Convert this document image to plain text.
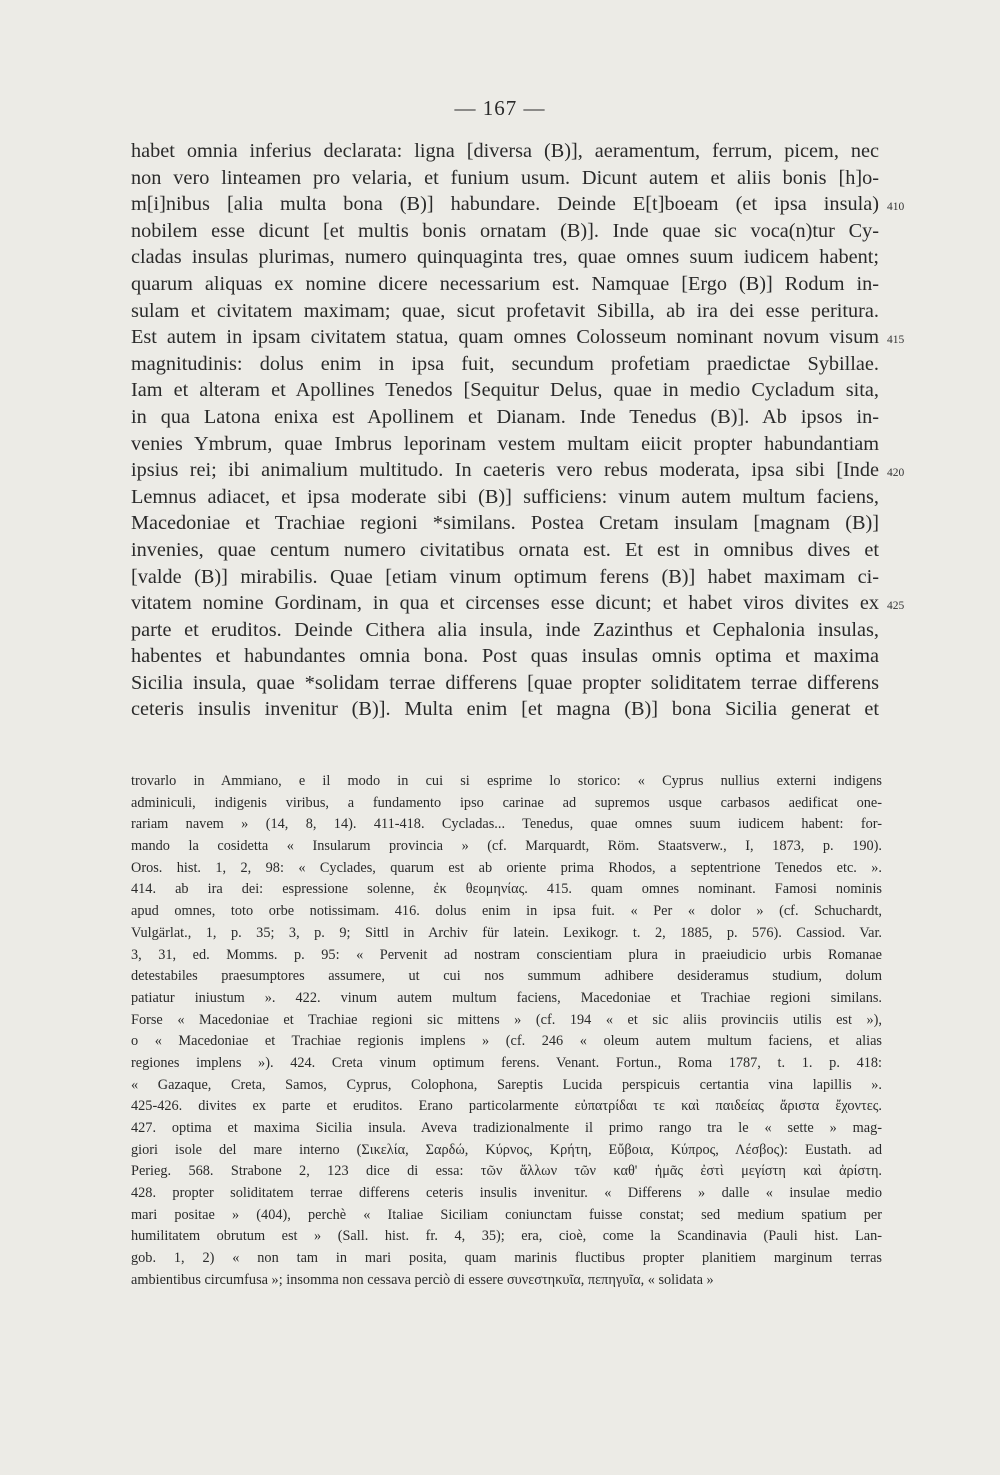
— 167 —
habet omnia inferius declarata: ligna [diversa (B)], aeramentum, ferrum, picem, nec
non vero linteamen pro velaria, et funium usum. Dicunt autem et aliis bonis [h]o-
m[i]nibus [alia multa bona (B)] habundare. Deinde E[t]boeam (et ipsa insula) 410
nobilem esse dicunt [et multis bonis ornatam (B)]. Inde quae sic voca(n)tur Cy-
cladas insulas plurimas, numero quinquaginta tres, quae omnes suum iudicem habent;
quarum aliquas ex nomine dicere necessarium est. Namquae [Ergo (B)] Rodum in-
sulam et civitatem maximam; quae, sicut profetavit Sibilla, ab ira dei esse peritura.
Est autem in ipsam civitatem statua, quam omnes Colosseum nominant novum visum 415
magnitudinis: dolus enim in ipsa fuit, secundum profetiam praedictae Sybillae.
Iam et alteram et Apollines Tenedos [Sequitur Delus, quae in medio Cycladum sita,
in qua Latona enixa est Apollinem et Dianam. Inde Tenedus (B)]. Ab ipsos in-
venies Ymbrum, quae Imbrus leporinam vestem multam eiicit propter habundantiam
ipsius rei; ibi animalium multitudo. In caeteris vero rebus moderata, ipsa sibi [Inde 420
Lemnus adiacet, et ipsa moderate sibi (B)] sufficiens: vinum autem multum faciens,
Macedoniae et Trachiae regioni *similans. Postea Cretam insulam [magnam (B)]
invenies, quae centum numero civitatibus ornata est. Et est in omnibus dives et
[valde (B)] mirabilis. Quae [etiam vinum optimum ferens (B)] habet maximam ci-
vitatem nomine Gordinam, in qua et circenses esse dicunt; et habet viros divites ex 425
parte et eruditos. Deinde Cithera alia insula, inde Zazinthus et Cephalonia insulas,
habentes et habundantes omnia bona. Post quas insulas omnis optima et maxima
Sicilia insula, quae *solidam terrae differens [quae propter soliditatem terrae differens
ceteris insulis invenitur (B)]. Multa enim [et magna (B)] bona Sicilia generat et
trovarlo in Ammiano, e il modo in cui si esprime lo storico: « Cyprus nullius externi indigens
adminiculi, indigenis viribus, a fundamento ipso carinae ad supremos usque carbasos aedificat one-
rariam navem » (14, 8, 14). 411-418. Cycladas... Tenedus, quae omnes suum iudicem habent: for-
mando la cosidetta « Insularum provincia » (cf. Marquardt, Röm. Staatsverw., I, 1873, p. 190).
Oros. hist. 1, 2, 98: « Cyclades, quarum est ab oriente prima Rhodos, a septentrione Tenedos etc. ».
414. ab ira dei: espressione solenne, ἐκ θεομηνίας. 415. quam omnes nominant. Famosi nominis
apud omnes, toto orbe notissimam. 416. dolus enim in ipsa fuit. « Per « dolor » (cf. Schuchardt,
Vulgärlat., 1, p. 35; 3, p. 9; Sittl in Archiv für latein. Lexikogr. t. 2, 1885, p. 576). Cassiod. Var.
3, 31, ed. Momms. p. 95: « Pervenit ad nostram conscientiam plura in praeiudicio urbis Romanae
detestabiles praesumptores assumere, ut cui nos summum adhibere desideramus studium, dolum
patiatur iniustum ». 422. vinum autem multum faciens, Macedoniae et Trachiae regioni similans.
Forse « Macedoniae et Trachiae regioni sic mittens » (cf. 194 « et sic aliis provinciis utilis est »),
o « Macedoniae et Trachiae regionis implens » (cf. 246 « oleum autem multum faciens, et alias
regiones implens »). 424. Creta vinum optimum ferens. Venant. Fortun., Roma 1787, t. 1. p. 418:
« Gazaque, Creta, Samos, Cyprus, Colophona, Sareptis Lucida perspicuis certantia vina lapillis ».
425-426. divites ex parte et eruditos. Erano particolarmente εὐπατρίδαι τε καὶ παιδείας ἄριστα ἔχοντες.
427. optima et maxima Sicilia insula. Aveva tradizionalmente il primo rango tra le « sette » mag-
giori isole del mare interno (Σικελία, Σαρδώ, Κύρνος, Κρήτη, Εὔβοια, Κύπρος, Λέσβος): Eustath. ad
Perieg. 568. Strabone 2, 123 dice di essa: τῶν ἄλλων τῶν καθ' ἡμᾶς ἐστὶ μεγίστη καὶ ἀρίστη.
428. propter soliditatem terrae differens ceteris insulis invenitur. « Differens » dalle « insulae medio
mari positae » (404), perchè « Italiae Siciliam coniunctam fuisse constat; sed medium spatium per
humilitatem obrutum est » (Sall. hist. fr. 4, 35); era, cioè, come la Scandinavia (Pauli hist. Lan-
gob. 1, 2) « non tam in mari posita, quam marinis fluctibus propter planitiem marginum terras
ambientibus circumfusa »; insomma non cessava perciò di essere συνεστηκυῖα, πεπηγυῖα, « solidata »
